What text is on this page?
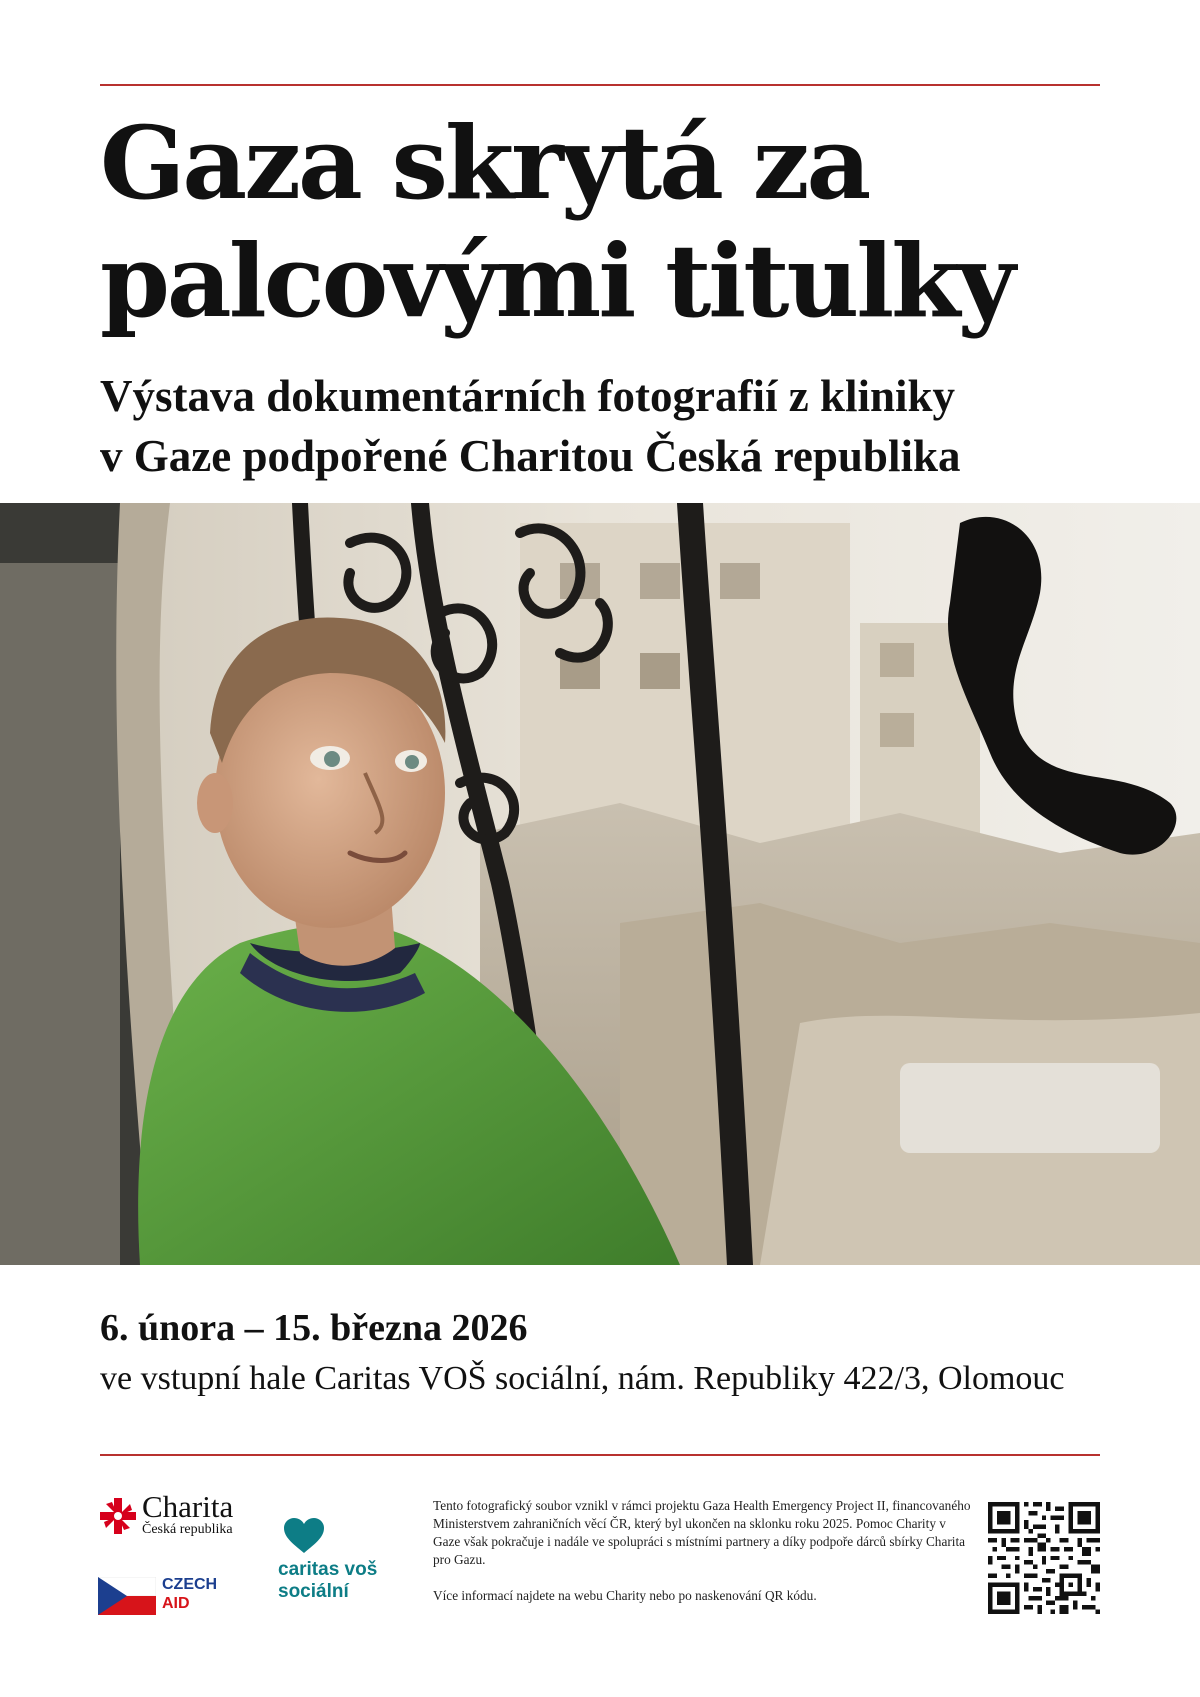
Gaza skrytá za
palcovými titulky
Výstava dokumentárních fotografií z kliniky
v Gaze podpořené Charitou Česká republika
6. února – 15. března 2026
ve vstupní hale Caritas VOŠ sociální, nám. Republiky 422/3, Olomouc
Charita
Česká republika
CZECH
AID
caritas voš
sociální

Tento fotografický soubor vznikl v rámci projektu Gaza Health Emergency Project II, financovaného Ministerstvem zahraničních věcí ČR, který byl ukončen na sklonku roku 2025. Pomoc Charity v Gaze však pokračuje i nadále ve spolupráci s místními partnery a díky podpoře dárců sbírky Charita pro Gazu.

Více informací najdete na webu Charity nebo po naskenování QR kódu.
